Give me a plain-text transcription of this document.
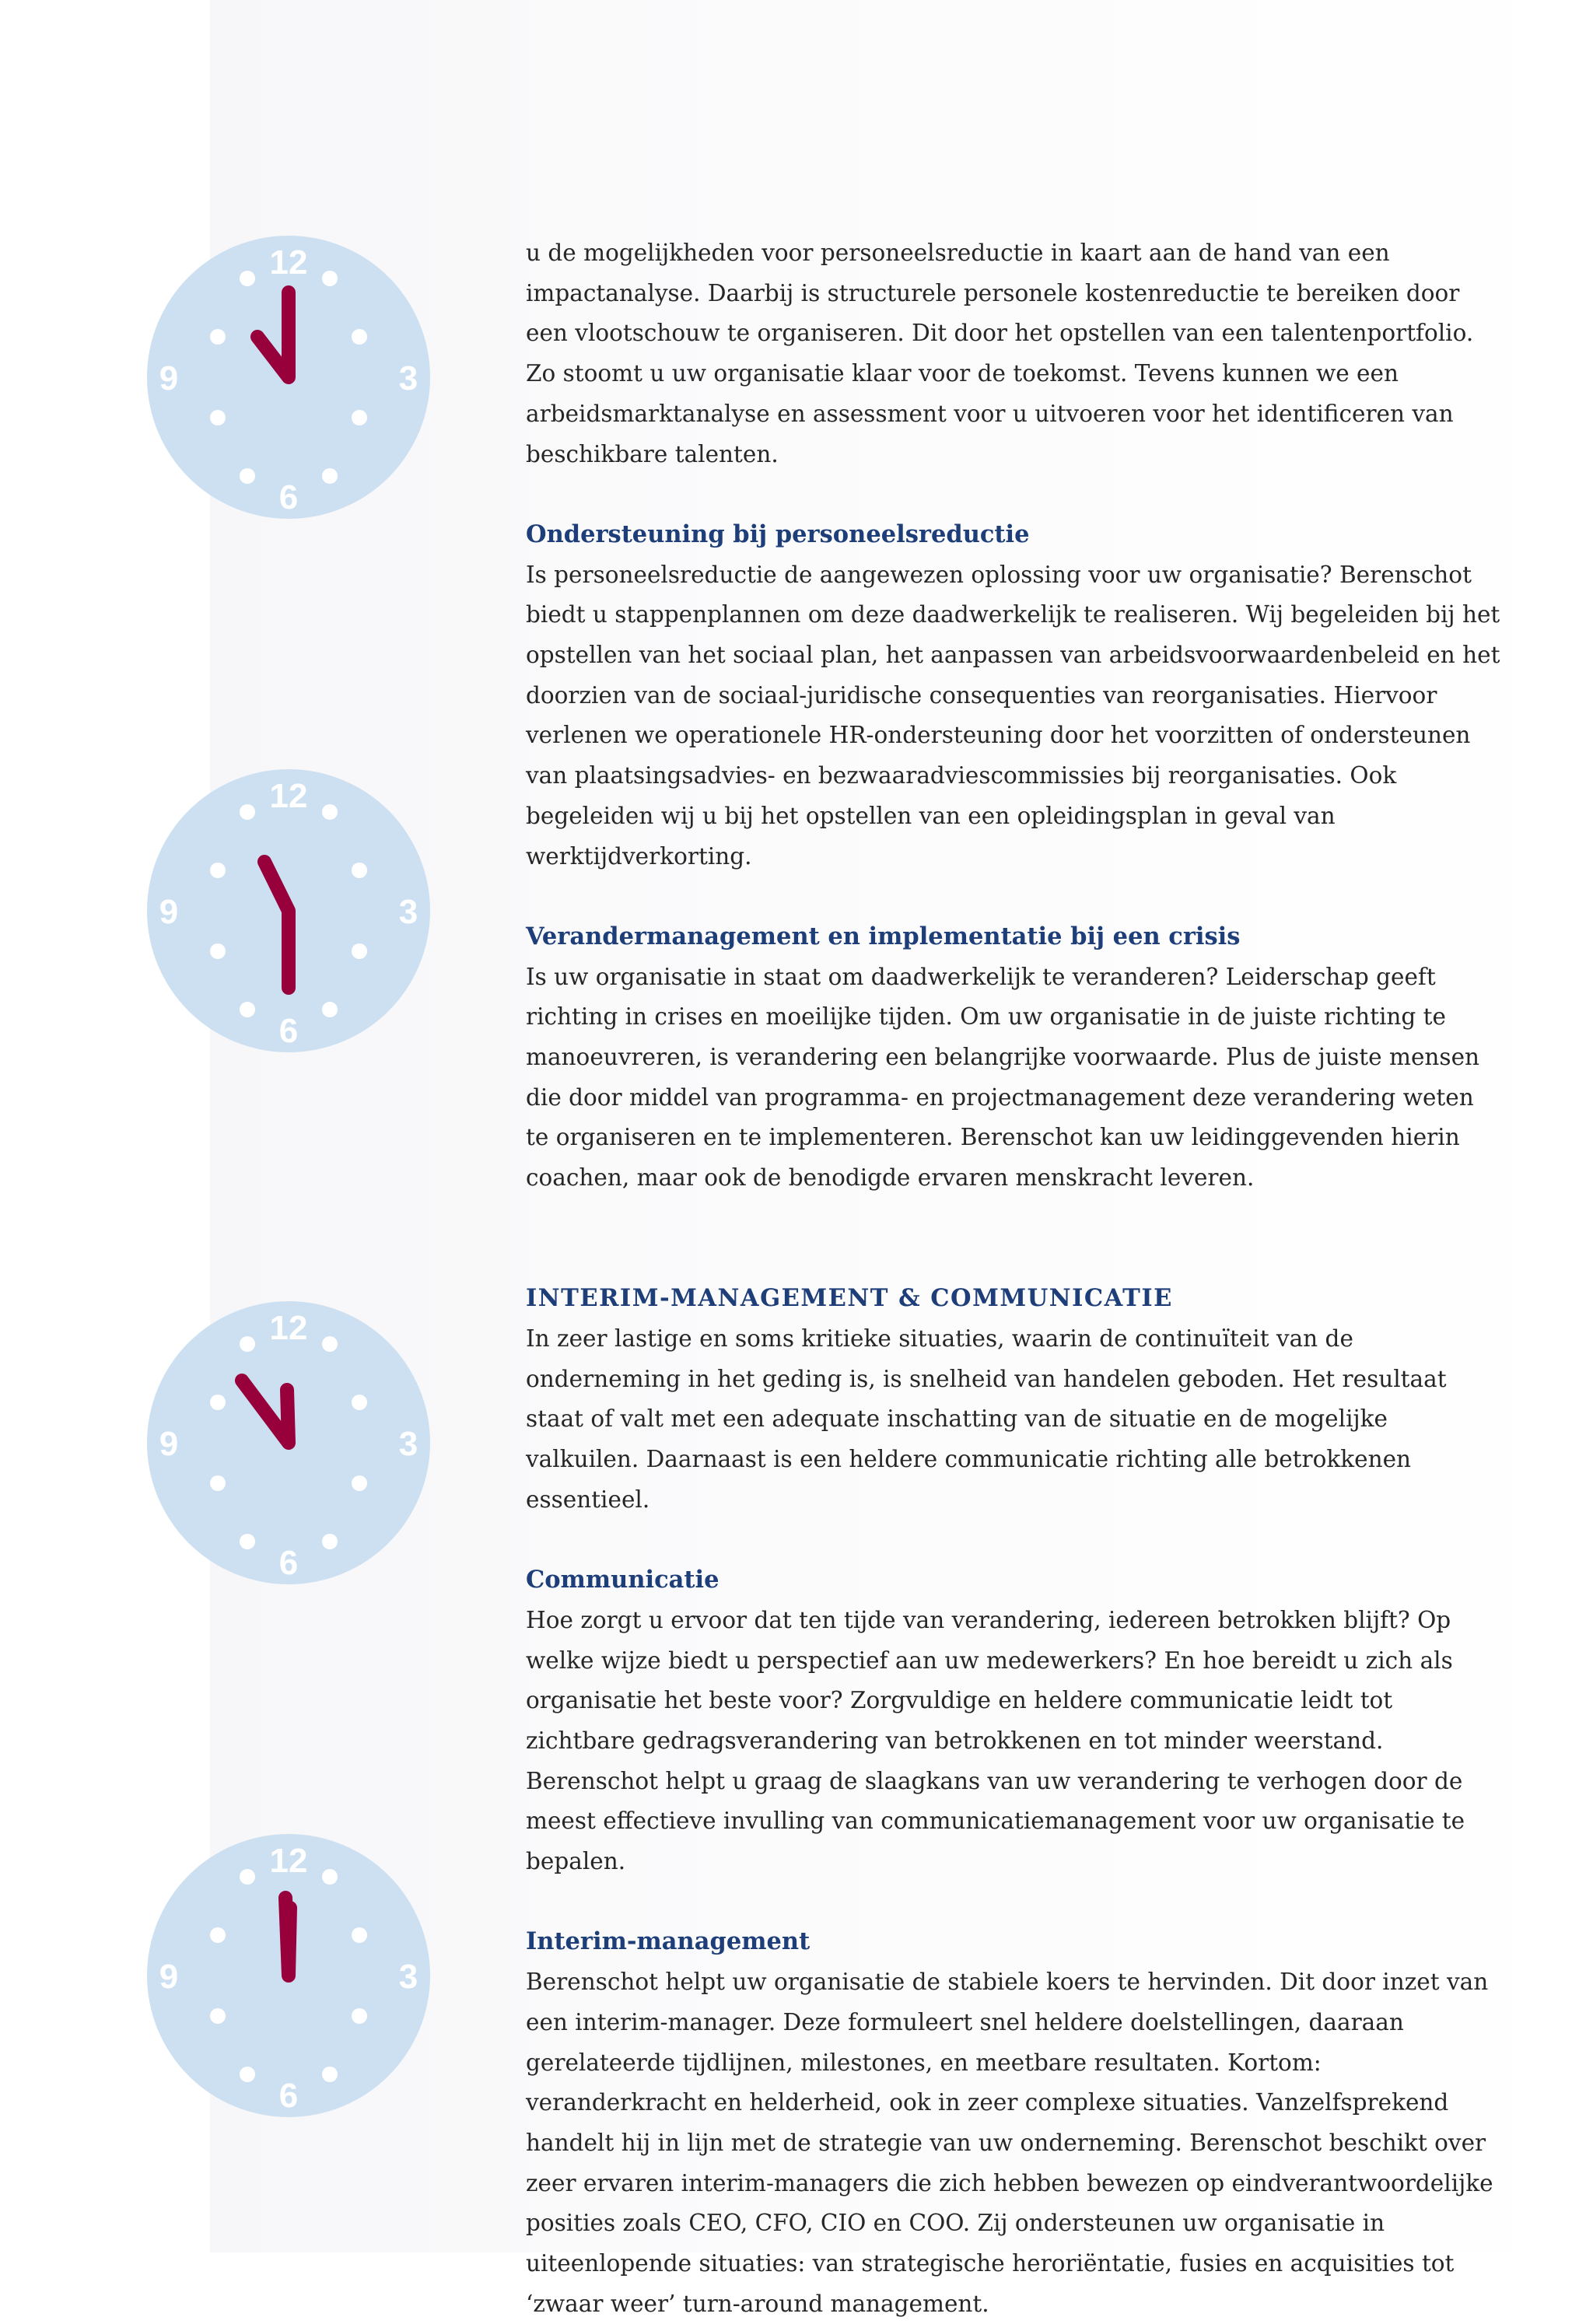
12
3
6
9
12
3
6
9
12
3
6
9
12
3
6
9

u de mogelijkheden voor personeelsreductie in kaart aan de hand van een impactanalyse. Daarbij is structurele personele kostenreductie te bereiken door een vlootschouw te organiseren. Dit door het opstellen van een talentenportfolio. Zo stoomt u uw organisatie klaar voor de toekomst. Tevens kunnen we een arbeidsmarktanalyse en assessment voor u uitvoeren voor het identificeren van beschikbare talenten.

Ondersteuning bij personeelsreductie

Is personeelsreductie de aangewezen oplossing voor uw organisatie? Berenschot biedt u stappenplannen om deze daadwerkelijk te realiseren. Wij begeleiden bij het opstellen van het sociaal plan, het aanpassen van arbeidsvoorwaardenbeleid en het doorzien van de sociaal-juridische consequenties van reorganisaties. Hiervoor verlenen we operationele HR-ondersteuning door het voorzitten of ondersteunen van plaatsingsadvies- en bezwaaradviescommissies bij reorganisaties. Ook begeleiden wij u bij het opstellen van een opleidingsplan in geval van werktijdverkorting.

Verandermanagement en implementatie bij een crisis

Is uw organisatie in staat om daadwerkelijk te veranderen? Leiderschap geeft richting in crises en moeilijke tijden. Om uw organisatie in de juiste richting te manoeuvreren, is verandering een belangrijke voorwaarde. Plus de juiste mensen die door middel van programma- en projectmanagement deze verandering weten te organiseren en te implementeren. Berenschot kan uw leidinggevenden hierin coachen, maar ook de benodigde ervaren menskracht leveren.

INTERIM-MANAGEMENT & COMMUNICATIE

In zeer lastige en soms kritieke situaties, waarin de continuïteit van de onderneming in het geding is, is snelheid van handelen geboden. Het resultaat staat of valt met een adequate inschatting van de situatie en de mogelijke valkuilen. Daarnaast is een heldere communicatie richting alle betrokkenen essentieel.

Communicatie

Hoe zorgt u ervoor dat ten tijde van verandering, iedereen betrokken blijft? Op welke wijze biedt u perspectief aan uw medewerkers? En hoe bereidt u zich als organisatie het beste voor? Zorgvuldige en heldere communicatie leidt tot zichtbare gedragsverandering van betrokkenen en tot minder weerstand. Berenschot helpt u graag de slaagkans van uw verandering te verhogen door de meest effectieve invulling van communicatiemanagement voor uw organisatie te bepalen.

Interim-management

Berenschot helpt uw organisatie de stabiele koers te hervinden. Dit door inzet van een interim-manager. Deze formuleert snel heldere doelstellingen, daaraan gerelateerde tijdlijnen, milestones, en meetbare resultaten. Kortom: veranderkracht en helderheid, ook in zeer complexe situaties. Vanzelfsprekend handelt hij in lijn met de strategie van uw onderneming. Berenschot beschikt over zeer ervaren interim-managers die zich hebben bewezen op eindverantwoordelijke posities zoals CEO, CFO, CIO en COO. Zij ondersteunen uw organisatie in uiteenlopende situaties: van strategische heroriëntatie, fusies en acquisities tot ‘zwaar weer’ turn-around management.
